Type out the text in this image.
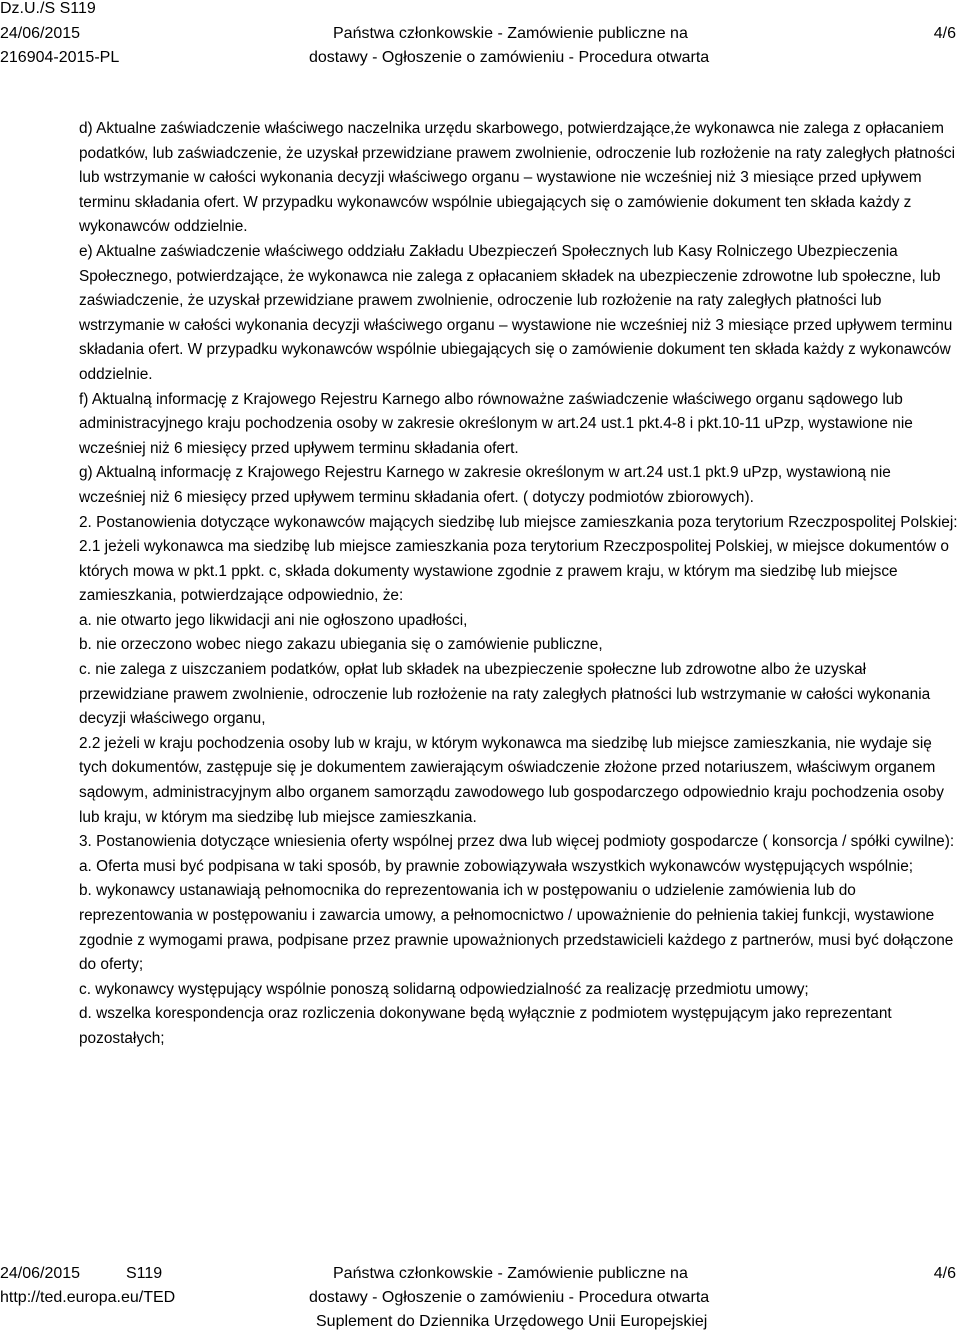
Dz.U./S S119
24/06/2015
216904-2015-PL
Państwa członkowskie - Zamówienie publiczne na
dostawy - Ogłoszenie o zamówieniu - Procedura otwarta
4/6

d) Aktualne zaświadczenie właściwego naczelnika urzędu skarbowego, potwierdzające,że wykonawca nie zalega z opłacaniem podatków, lub zaświadczenie, że uzyskał przewidziane prawem zwolnienie, odroczenie lub rozłożenie na raty zaległych płatności lub wstrzymanie w całości wykonania decyzji właściwego organu – wystawione nie wcześniej niż 3 miesiące przed upływem terminu składania ofert. W przypadku wykonawców wspólnie ubiegających się o zamówienie dokument ten składa każdy z wykonawców oddzielnie.

e) Aktualne zaświadczenie właściwego oddziału Zakładu Ubezpieczeń Społecznych lub Kasy Rolniczego Ubezpieczenia Społecznego, potwierdzające, że wykonawca nie zalega z opłacaniem składek na ubezpieczenie zdrowotne lub społeczne, lub zaświadczenie, że uzyskał przewidziane prawem zwolnienie, odroczenie lub rozłożenie na raty zaległych płatności lub wstrzymanie w całości wykonania decyzji właściwego organu – wystawione nie wcześniej niż 3 miesiące przed upływem terminu składania ofert. W przypadku wykonawców wspólnie ubiegających się o zamówienie dokument ten składa każdy z wykonawców oddzielnie.

f) Aktualną informację z Krajowego Rejestru Karnego albo równoważne zaświadczenie właściwego organu sądowego lub administracyjnego kraju pochodzenia osoby w zakresie określonym w art.24 ust.1 pkt.4-8 i pkt.10-11 uPzp, wystawione nie wcześniej niż 6 miesięcy przed upływem terminu składania ofert.

g) Aktualną informację z Krajowego Rejestru Karnego w zakresie określonym w art.24 ust.1 pkt.9 uPzp, wystawioną nie wcześniej niż 6 miesięcy przed upływem terminu składania ofert. ( dotyczy podmiotów zbiorowych).

2. Postanowienia dotyczące wykonawców mających siedzibę lub miejsce zamieszkania poza terytorium Rzeczpospolitej Polskiej:

2.1 jeżeli wykonawca ma siedzibę lub miejsce zamieszkania poza terytorium Rzeczpospolitej Polskiej, w miejsce dokumentów o których mowa w pkt.1 ppkt. c, składa dokumenty wystawione zgodnie z prawem kraju, w którym ma siedzibę lub miejsce zamieszkania, potwierdzające odpowiednio, że:

a. nie otwarto jego likwidacji ani nie ogłoszono upadłości,

b. nie orzeczono wobec niego zakazu ubiegania się o zamówienie publiczne,

c. nie zalega z uiszczaniem podatków, opłat lub składek na ubezpieczenie społeczne lub zdrowotne albo że uzyskał przewidziane prawem zwolnienie, odroczenie lub rozłożenie na raty zaległych płatności lub wstrzymanie w całości wykonania decyzji właściwego organu,

2.2 jeżeli w kraju pochodzenia osoby lub w kraju, w którym wykonawca ma siedzibę lub miejsce zamieszkania, nie wydaje się tych dokumentów, zastępuje się je dokumentem zawierającym oświadczenie złożone przed notariuszem, właściwym organem sądowym, administracyjnym albo organem samorządu zawodowego lub gospodarczego odpowiednio kraju pochodzenia osoby lub kraju, w którym ma siedzibę lub miejsce zamieszkania.

3. Postanowienia dotyczące wniesienia oferty wspólnej przez dwa lub więcej podmioty gospodarcze ( konsorcja / spółki cywilne):

a. Oferta musi być podpisana w taki sposób, by prawnie zobowiązywała wszystkich wykonawców występujących wspólnie;

b. wykonawcy ustanawiają pełnomocnika do reprezentowania ich w postępowaniu o udzielenie zamówienia lub do reprezentowania w postępowaniu i zawarcia umowy, a pełnomocnictwo / upoważnienie do pełnienia takiej funkcji, wystawione zgodnie z wymogami prawa, podpisane przez prawnie upoważnionych przedstawicieli każdego z partnerów, musi być dołączone do oferty;

c. wykonawcy występujący wspólnie ponoszą solidarną odpowiedzialność za realizację przedmiotu umowy;

d. wszelka korespondencja oraz rozliczenia dokonywane będą wyłącznie z podmiotem występującym jako reprezentant pozostałych;

24/06/2015	S119
http://ted.europa.eu/TED
Państwa członkowskie - Zamówienie publiczne na
dostawy - Ogłoszenie o zamówieniu - Procedura otwarta
Suplement do Dziennika Urzędowego Unii Europejskiej
4/6
